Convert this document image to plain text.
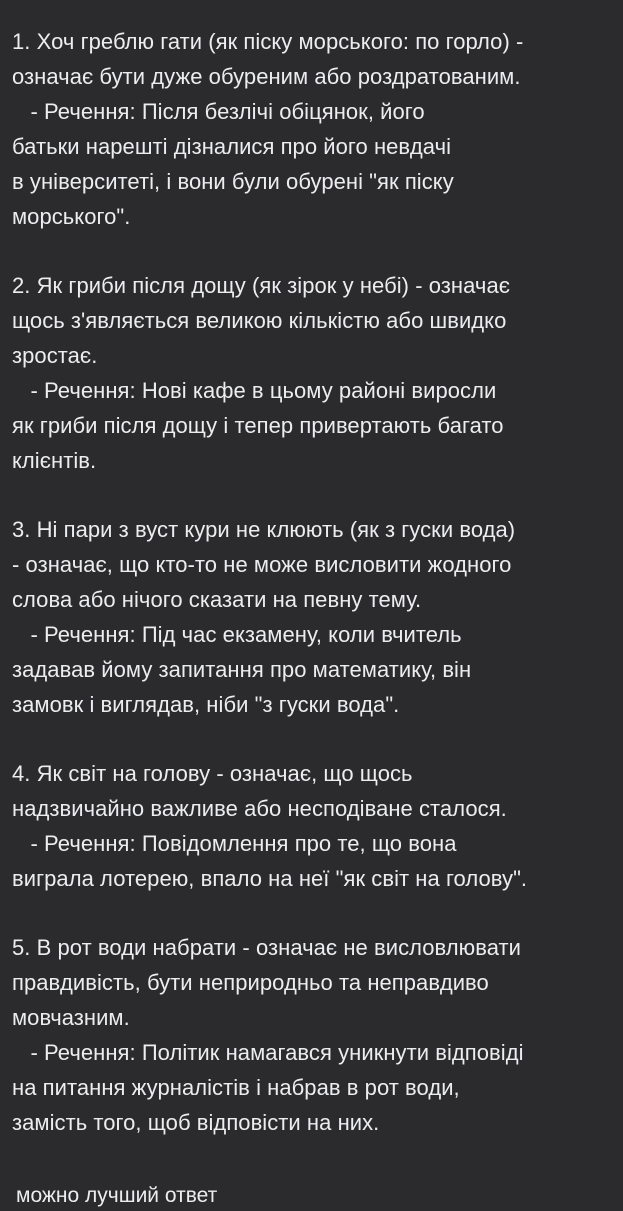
1. Хоч греблю гати (як піску морського: по горло) -
означає бути дуже обуреним або роздратованим.
- Речення: Після безлічі обіцянок, його
батьки нарешті дізналися про його невдачі
в університеті, і вони були обурені "як піску
морського".
2. Як гриби після дощу (як зірок у небі) - означає
щось з'являється великою кількістю або швидко
зростає.
- Речення: Нові кафе в цьому районі виросли
як гриби після дощу і тепер привертають багато
клієнтів.
3. Ні пари з вуст кури не клюють (як з гуски вода)
- означає, що кто-то не може висловити жодного
слова або нічого сказати на певну тему.
- Речення: Під час екзамену, коли вчитель
задавав йому запитання про математику, він
замовк і виглядав, ніби "з гуски вода".
4. Як світ на голову - означає, що щось
надзвичайно важливе або несподіване сталося.
- Речення: Повідомлення про те, що вона
виграла лотерею, впало на неї "як світ на голову".
5. В рот води набрати - означає не висловлювати
правдивість, бути неприродньо та неправдиво
мовчазним.
- Речення: Політик намагався уникнути відповіді
на питання журналістів і набрав в рот води,
замість того, щоб відповісти на них.
можно лучший ответ
